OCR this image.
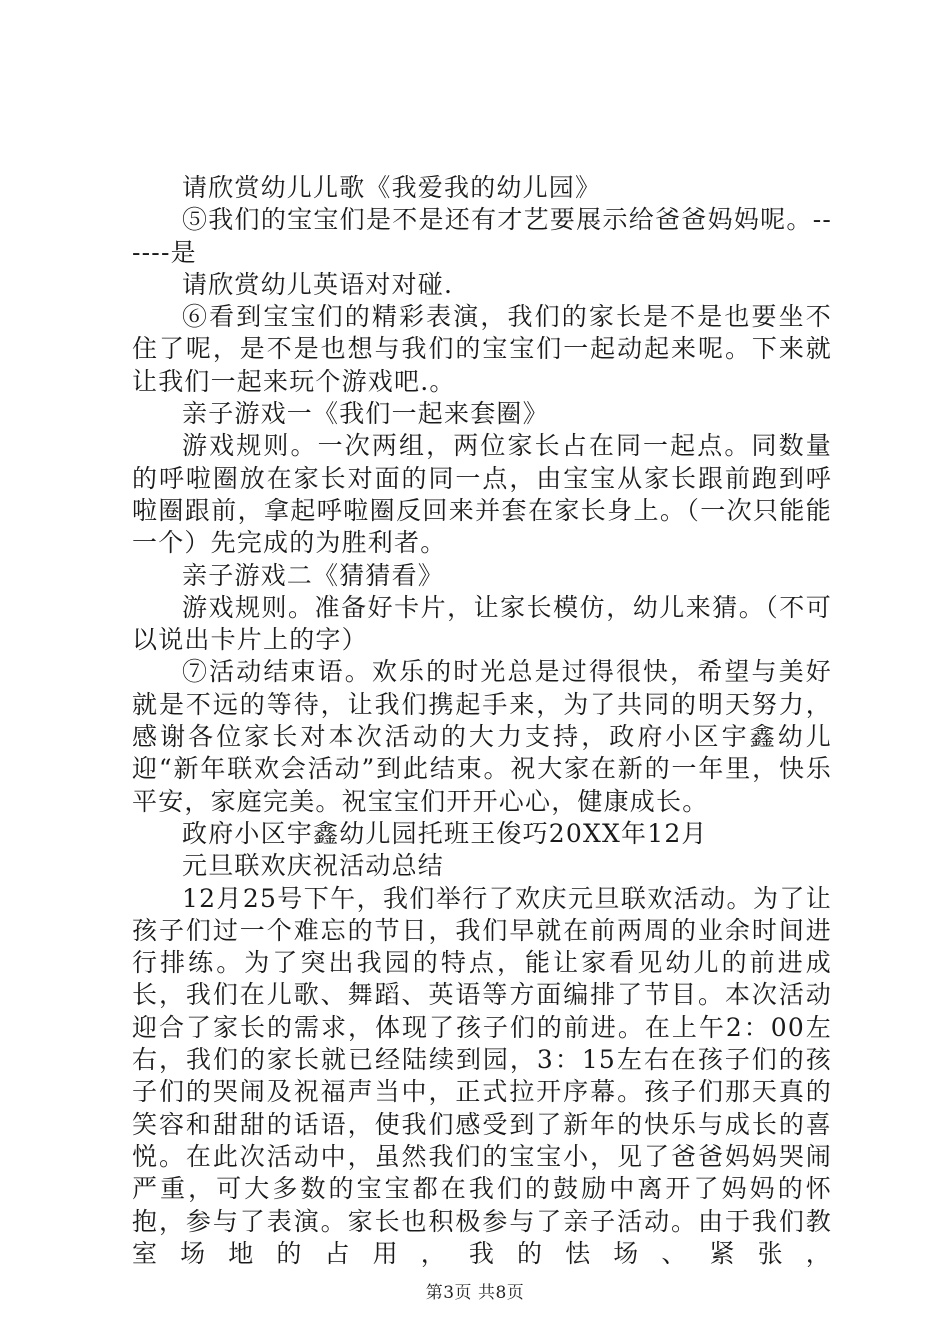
请欣赏幼儿儿歌《我爱我的幼儿园》

⑤我们的宝宝们是不是还有才艺要展示给爸爸妈妈呢。------是

请欣赏幼儿英语对对碰.

⑥看到宝宝们的精彩表演，我们的家长是不是也要坐不住了呢，是不是也想与我们的宝宝们一起动起来呢。下来就让我们一起来玩个游戏吧.。

亲子游戏一《我们一起来套圈》

游戏规则。一次两组，两位家长占在同一起点。同数量的呼啦圈放在家长对面的同一点，由宝宝从家长跟前跑到呼啦圈跟前，拿起呼啦圈反回来并套在家长身上。（一次只能能一个）先完成的为胜利者。

亲子游戏二《猜猜看》

游戏规则。准备好卡片，让家长模仿，幼儿来猜。（不可以说出卡片上的字）

⑦活动结束语。欢乐的时光总是过得很快，希望与美好就是不远的等待，让我们携起手来，为了共同的明天努力，感谢各位家长对本次活动的大力支持，政府小区宇鑫幼儿迎“新年联欢会活动”到此结束。祝大家在新的一年里，快乐平安，家庭完美。祝宝宝们开开心心，健康成长。

政府小区宇鑫幼儿园托班王俊巧20XX年12月

元旦联欢庆祝活动总结

12月25号下午，我们举行了欢庆元旦联欢活动。为了让孩子们过一个难忘的节日，我们早就在前两周的业余时间进行排练。为了突出我园的特点，能让家看见幼儿的前进成长，我们在儿歌、舞蹈、英语等方面编排了节目。本次活动迎合了家长的需求，体现了孩子们的前进。在上午2：00左右，我们的家长就已经陆续到园，3：15左右在孩子们的孩子们的哭闹及祝福声当中，正式拉开序幕。孩子们那天真的笑容和甜甜的话语，使我们感受到了新年的快乐与成长的喜悦。在此次活动中，虽然我们的宝宝小，见了爸爸妈妈哭闹严重，可大多数的宝宝都在我们的鼓励中离开了妈妈的怀抱，参与了表演。家长也积极参与了亲子活动。由于我们教室场地的占用，我的怯场、紧张，

第3页 共8页
